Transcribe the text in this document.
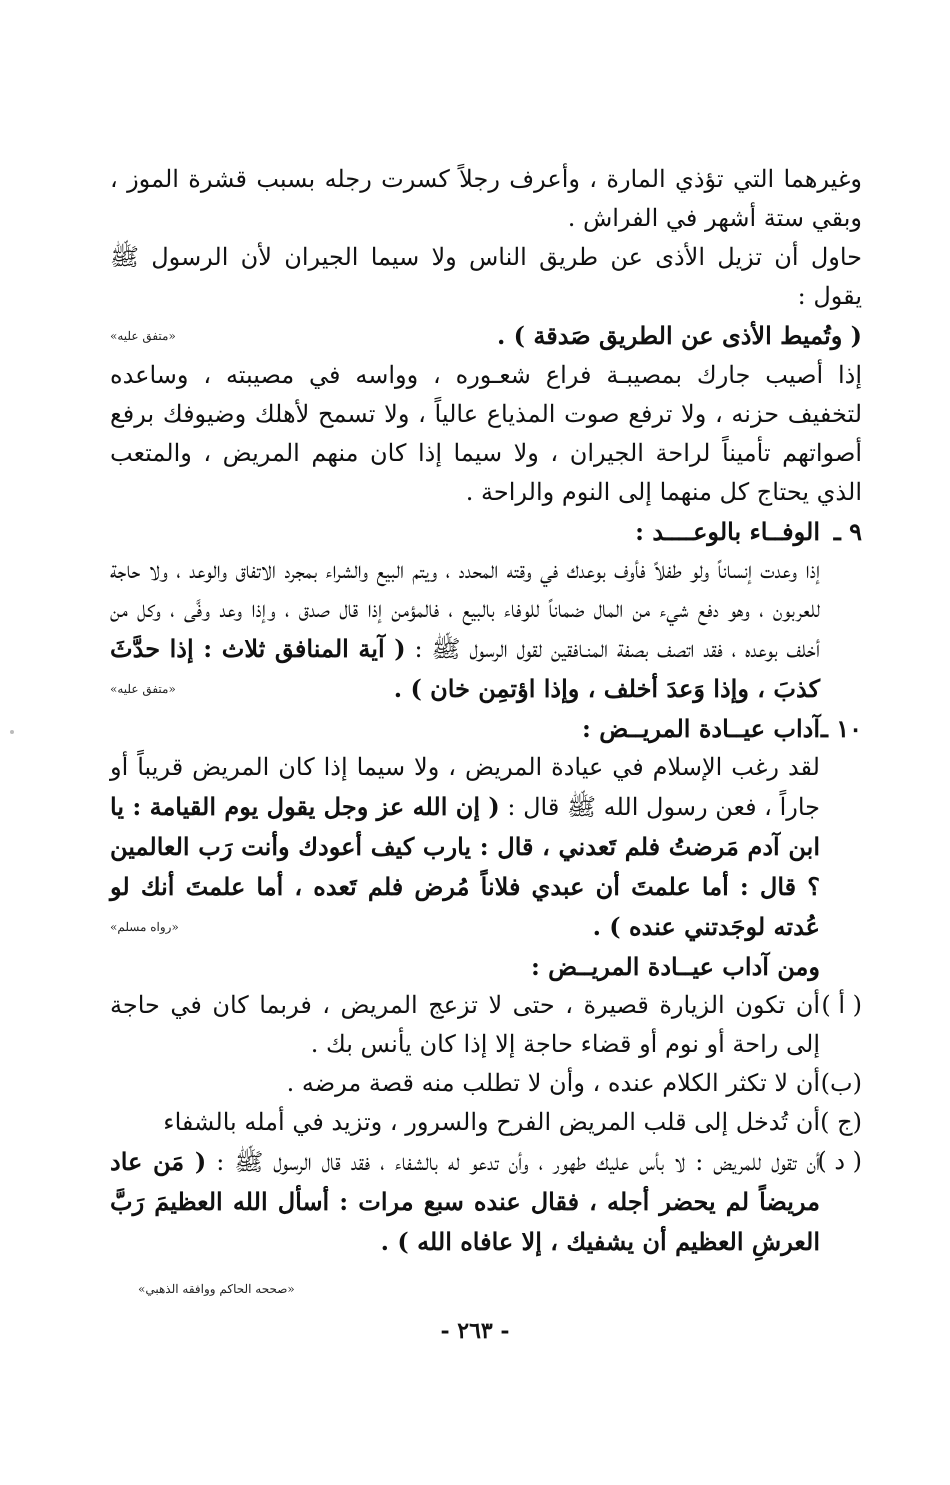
وغيرهما التي تؤذي المارة ، وأعرف رجلاً كسرت رجله بسبب قشرة الموز ، وبقي ستة أشهر في الفراش .

حاول أن تزيل الأذى عن طريق الناس ولا سيما الجيران لأن الرسول ﷺ يقول :
( وتُميط الأذى عن الطريق صَدقة ) .
«متفق عليه»

إذا أصيب جارك بمصيبـة فراع شعـوره ، وواسه في مصيبته ، وساعده لتخفيف حزنه ، ولا ترفع صوت المذياع عالياً ، ولا تسمح لأهلك وضيوفك برفع أصواتهم تأميناً لراحة الجيران ، ولا سيما إذا كان منهم المريض ، والمتعب الذي يحتاج كل منهما إلى النوم والراحة .

٩ ـالوفــاء بالوعــــد :

إذا وعدت إنساناً ولو طفلاً فأوف بوعدك في وقته المحدد ، ويتم البيع والشراء بمجرد الاتفاق والوعد ، ولا حاجة للعربون ، وهو دفع شيء من المال ضماناً للوفاء بالبيع ، فالمؤمن إذا قال صدق ، وإذا وعد وفَّى ، وكل من أخلف بوعده ، فقد اتصف بصفة المنـافقين لقول الرسول ﷺ : ( آية المنافق ثلاث : إذا حدَّثَ كذبَ ، وإذا وَعدَ أخلف ، وإذا اؤتمِن خان ) .
«متفق عليه»

١٠ ـآداب عيــادة المريــض :

لقد رغب الإسلام في عيادة المريض ، ولا سيما إذا كان المريض قريباً أو جاراً ، فعن رسول الله ﷺ قال : ( إن الله عز وجل يقول يوم القيامة : يا ابن آدم مَرضتُ فلم تَعدني ، قال : يارب كيف أعودك وأنت رَب العالمين ؟ قال : أما علمتَ أن عبدي فلاناً مُرض فلم تَعده ، أما علمتَ أنك لو عُدته لوجَدتني عنده ) .
«رواه مسلم»

ومن آداب عيــادة المريــض :

( أ )
أن تكون الزيارة قصيرة ، حتى لا تزعج المريض ، فربما كان في حاجة إلى راحة أو نوم أو قضاء حاجة إلا إذا كان يأنس بك .

(ب)
أن لا تكثر الكلام عنده ، وأن لا تطلب منه قصة مرضه .

(ج )
أن تُدخل إلى قلب المريض الفرح والسرور ، وتزيد في أمله بالشفاء

( د )
أن تقول للمريض : لا بأس عليك طهور ، وأن تدعو له بالشفاء ، فقد قال الرسول ﷺ : ( مَن عاد مريضاً لم يحضر أجله ، فقال عنده سبع مرات : أسأل الله العظيمَ رَبَّ العرشِ العظيم أن يشفيك ، إلا عافاه الله ) .

«صححه الحاكم ووافقه الذهبي»
- ٢٦٣ -
